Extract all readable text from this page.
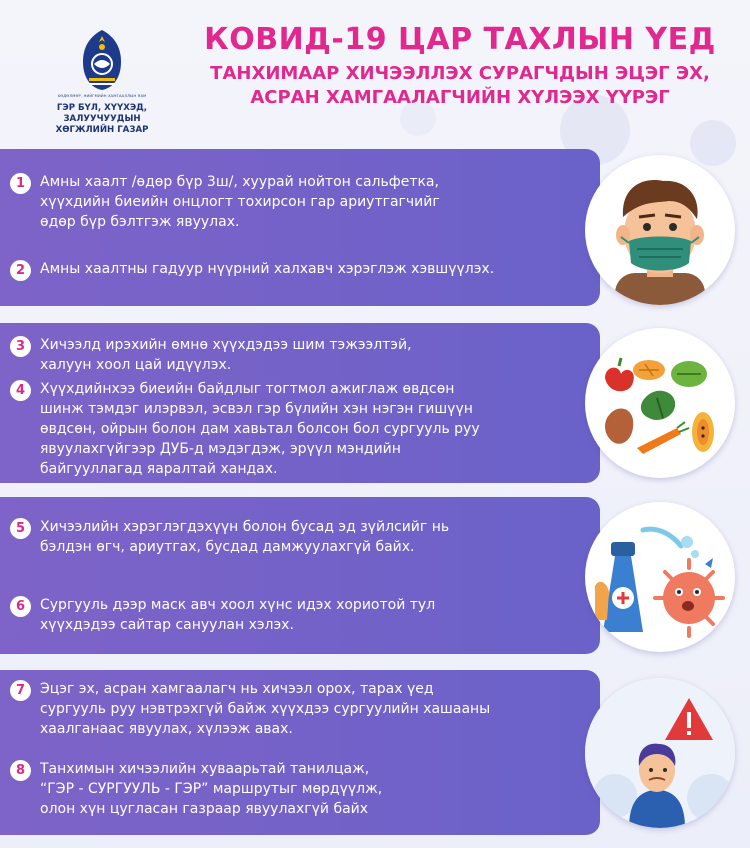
ХӨДӨЛМӨР, НИЙГМИЙН ХАМГААЛЛЫН ЯАМ
ГЭР БҮЛ, ХҮҮХЭД, ЗАЛУУЧУУДЫН
ХӨГЖЛИЙН ГАЗАР
КОВИД-19 ЦАР ТАХЛЫН ҮЕД
ТАНХИМААР ХИЧЭЭЛЛЭХ СУРАГЧДЫН ЭЦЭГ ЭХ,
АСРАН ХАМГААЛАГЧИЙН ХҮЛЭЭХ ҮҮРЭГ
1	Амны хаалт /өдөр бүр 3ш/, хуурай нойтон сальфетка,
хүүхдийн биеийн онцлогт тохирсон гар ариутгагчийг
өдөр бүр бэлтгэж явуулах.
2	Амны хаалтны гадуур нүүрний халхавч хэрэглэж хэвшүүлэх.
3	Хичээлд ирэхийн өмнө хүүхдэдээ шим тэжээлтэй,
халуун хоол цай идүүлэх.
4	Хүүхдийнхээ биеийн байдлыг тогтмол ажиглаж өвдсөн
шинж тэмдэг илэрвэл, эсвэл гэр бүлийн хэн нэгэн гишүүн
өвдсөн, ойрын болон дам хавьтал болсон бол сургууль руу
явуулахгүйгээр ДУБ-д мэдэгдэж, эрүүл мэндийн
байгууллагад яаралтай хандах.
5	Хичээлийн хэрэглэгдэхүүн болон бусад эд зүйлсийг нь
бэлдэн өгч, ариутгах, бусдад дамжуулахгүй байх.
6	Сургууль дээр маск авч хоол хүнс идэх хориотой тул
хүүхдэдээ сайтар сануулан хэлэх.
7	Эцэг эх, асран хамгаалагч нь хичээл орох, тарах үед
сургууль руу нэвтрэхгүй байж хүүхдээ сургуулийн хашааны
хаалганаас явуулах, хүлээж авах.
8	Танхимын хичээлийн хуваарьтай танилцаж,
“ГЭР - СУРГУУЛЬ - ГЭР” маршрутыг мөрдүүлж,
олон хүн цугласан газраар явуулахгүй байх
